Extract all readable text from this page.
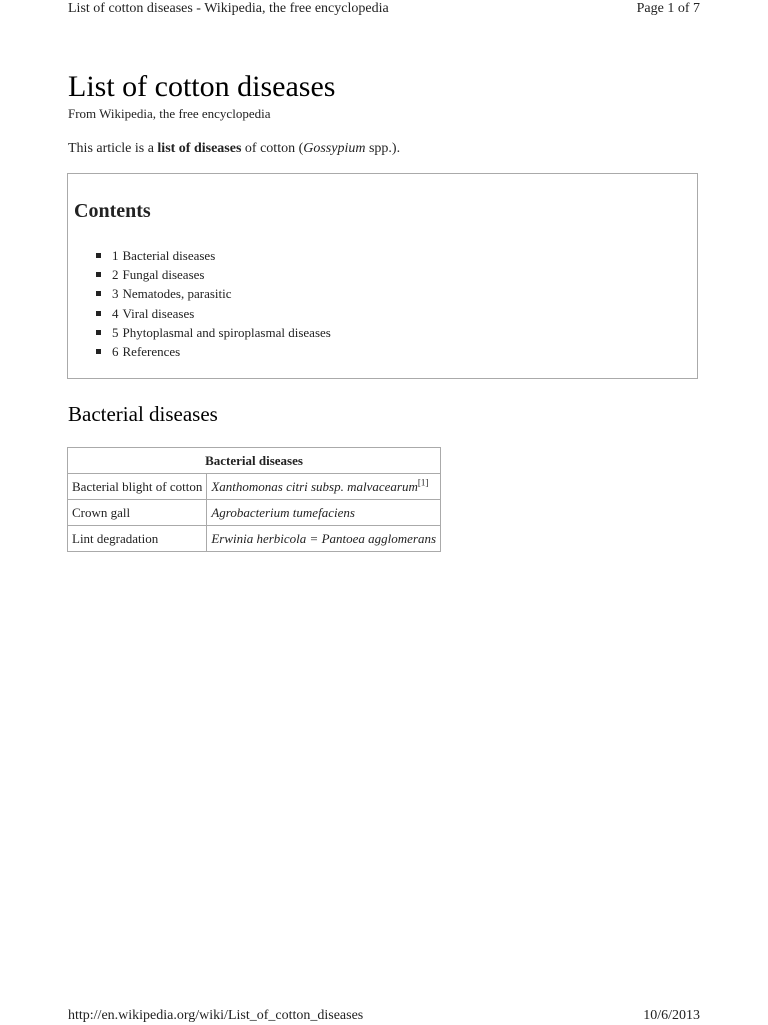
List of cotton diseases - Wikipedia, the free encyclopedia	Page 1 of 7
List of cotton diseases
From Wikipedia, the free encyclopedia
This article is a list of diseases of cotton (Gossypium spp.).
Contents
1 Bacterial diseases
2 Fungal diseases
3 Nematodes, parasitic
4 Viral diseases
5 Phytoplasmal and spiroplasmal diseases
6 References
Bacterial diseases
Bacterial diseases	
Bacterial blight of cotton	Xanthomonas citri subsp. malvacearum[1]
Crown gall	Agrobacterium tumefaciens
Lint degradation	Erwinia herbicola = Pantoea agglomerans
http://en.wikipedia.org/wiki/List_of_cotton_diseases	10/6/2013
